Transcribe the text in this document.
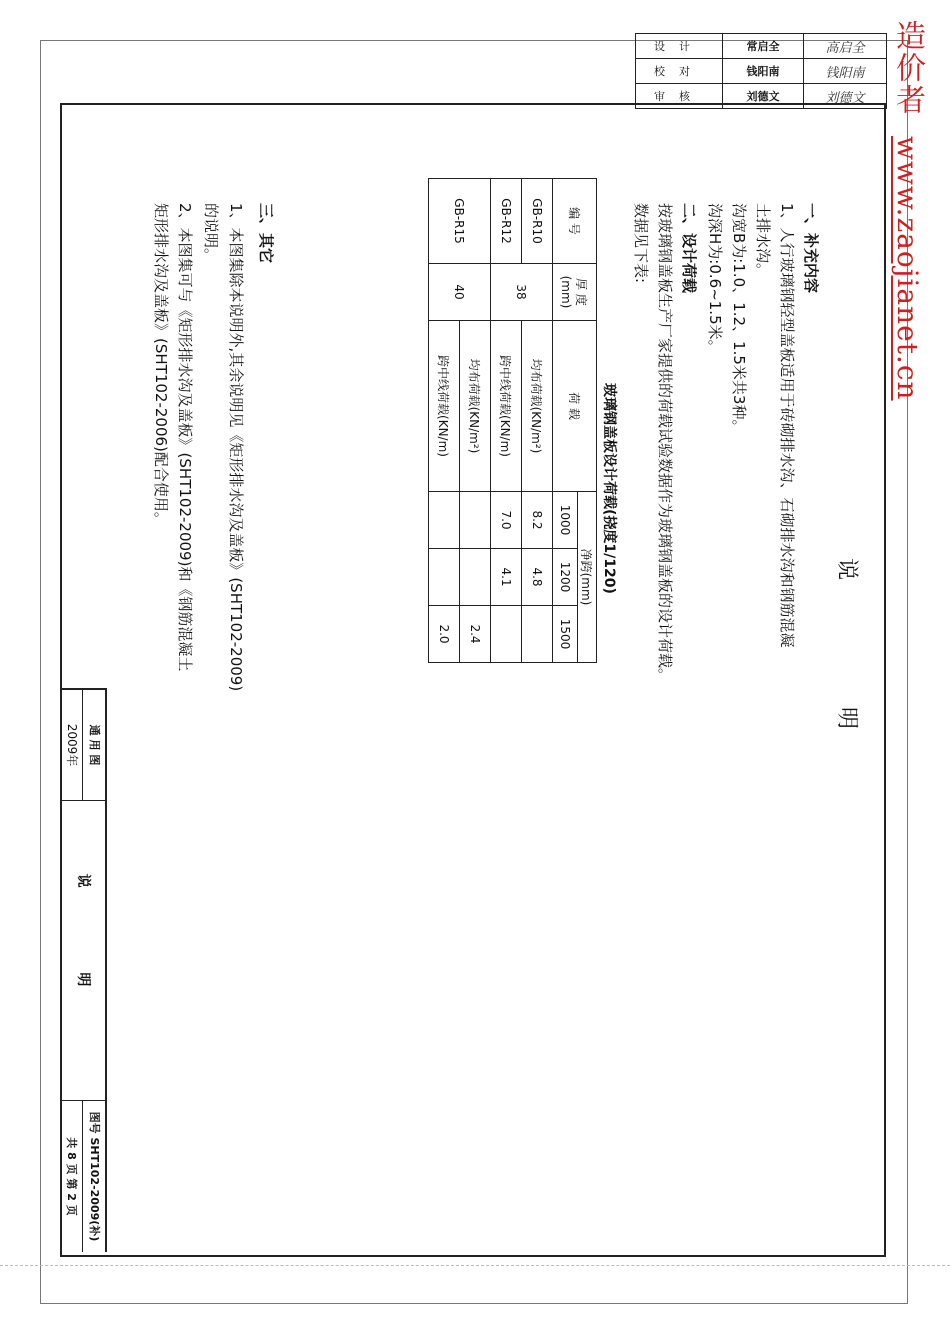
设计	常启全	高启全
校对	钱阳南	钱阳南
审核	刘德文	刘德文 造价者
www.zaojianet.cn
说 明
一、补充内容
1、人行玻璃钢轻型盖板适用于砖砌排水沟、石砌排水沟和钢筋混凝
土排水沟。
沟宽B为:1.0、1.2、1.5米共3种。
沟深H为:0.6~1.5米。
二、设计荷载
按玻璃钢盖板生产厂家提供的荷载试验数据作为玻璃钢盖板的设计荷载。
数据见下表:
玻璃钢盖板设计荷载(挠度1/120)
编 号	厚 度 (mm)	荷 载	净跨(mm)		
			1000	1200	1500
GB-R10	38	均布荷载(KN/m²)	8.2	4.8	
GB-R12		跨中线荷载(KN/m)	7.0	4.1	
GB-R15	40	均布荷载(KN/m²)			2.4
		跨中线荷载(KN/m)			2.0
三、其它
1、本图集除本说明外,其余说明见《矩形排水沟及盖板》(SHT102-2009)
的说明。
2、本图集可与《矩形排水沟及盖板》(SHT102-2009)和《钢筋混凝土
矩形排水沟及盖板》(SHT102-2006)配合使用。
通 用 图
2009年
说 明
图号 SHT102-2009(补)
共 8 页 第 2 页
